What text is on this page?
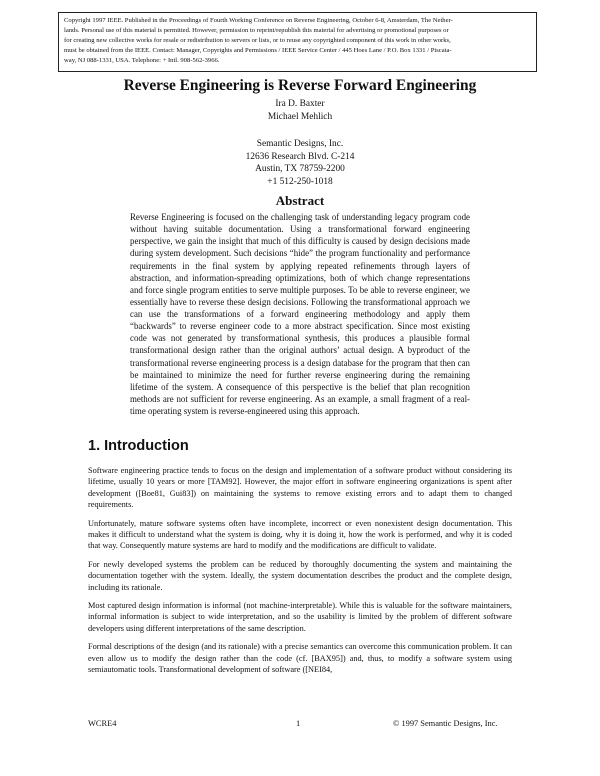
Copyright 1997 IEEE. Published in the Proceedings of Fourth Working Conference on Reverse Engineering, October 6-8, Amsterdam, The Nether-
lands. Personal use of this material is permitted. However, permission to reprint/republish this material for advertising or promotional purposes or
for creating new collective works for resale or redistribution to servers or lists, or to reuse any copyrighted component of this work in other works,
must be obtained from the IEEE. Contact: Manager, Copyrights and Permissions / IEEE Service Center / 445 Hoes Lane / P.O. Box 1331 / Piscata-
way, NJ 088-1331, USA. Telephone: + Intl. 908-562-3966.
Reverse Engineering is Reverse Forward Engineering
Ira D. Baxter
Michael Mehlich
Semantic Designs, Inc.
12636 Research Blvd. C-214
Austin, TX 78759-2200
+1 512-250-1018
Abstract

Reverse Engineering is focused on the challenging task of understanding legacy program code without having suitable documentation. Using a transformational forward engineering perspective, we gain the insight that much of this difficulty is caused by design decisions made during system development. Such decisions “hide” the program functionality and performance requirements in the final system by applying repeated refinements through layers of abstraction, and information-spreading optimizations, both of which change representations and force single program entities to serve multiple purposes. To be able to reverse engineer, we essentially have to reverse these design decisions. Following the transformational approach we can use the transformations of a forward engineering methodology and apply them “backwards” to reverse engineer code to a more abstract specification. Since most existing code was not generated by transformational synthesis, this produces a plausible formal transformational design rather than the original authors’ actual design. A byproduct of the transformational reverse engineering process is a design database for the program that then can be maintained to minimize the need for further reverse engineering during the remaining lifetime of the system. A consequence of this perspective is the belief that plan recognition methods are not sufficient for reverse engineering. As an example, a small fragment of a real-time operating system is reverse-engineered using this approach.

1. Introduction

Software engineering practice tends to focus on the design and implementation of a software product without considering its lifetime, usually 10 years or more [TAM92]. However, the major effort in software engineering organizations is spent after development ([Boe81, Gui83]) on maintaining the systems to remove existing errors and to adapt them to changed requirements.

Unfortunately, mature software systems often have incomplete, incorrect or even nonexistent design documentation. This makes it difficult to understand what the system is doing, why it is doing it, how the work is performed, and why it is coded that way. Consequently mature systems are hard to modify and the modifications are difficult to validate.

For newly developed systems the problem can be reduced by thoroughly documenting the system and maintaining the documentation together with the system. Ideally, the system documentation describes the product and the complete design, including its rationale.

Most captured design information is informal (not machine-interpretable). While this is valuable for the software maintainers, informal information is subject to wide interpretation, and so the usability is limited by the problem of different software developers using different interpretations of the same description.

Formal descriptions of the design (and its rationale) with a precise semantics can overcome this communication problem. It can even allow us to modify the design rather than the code (cf. [BAX95]) and, thus, to modify a software system using semiautomatic tools. Transformational development of software ([NEI84,

WCRE4	1	© 1997 Semantic Designs, Inc.
